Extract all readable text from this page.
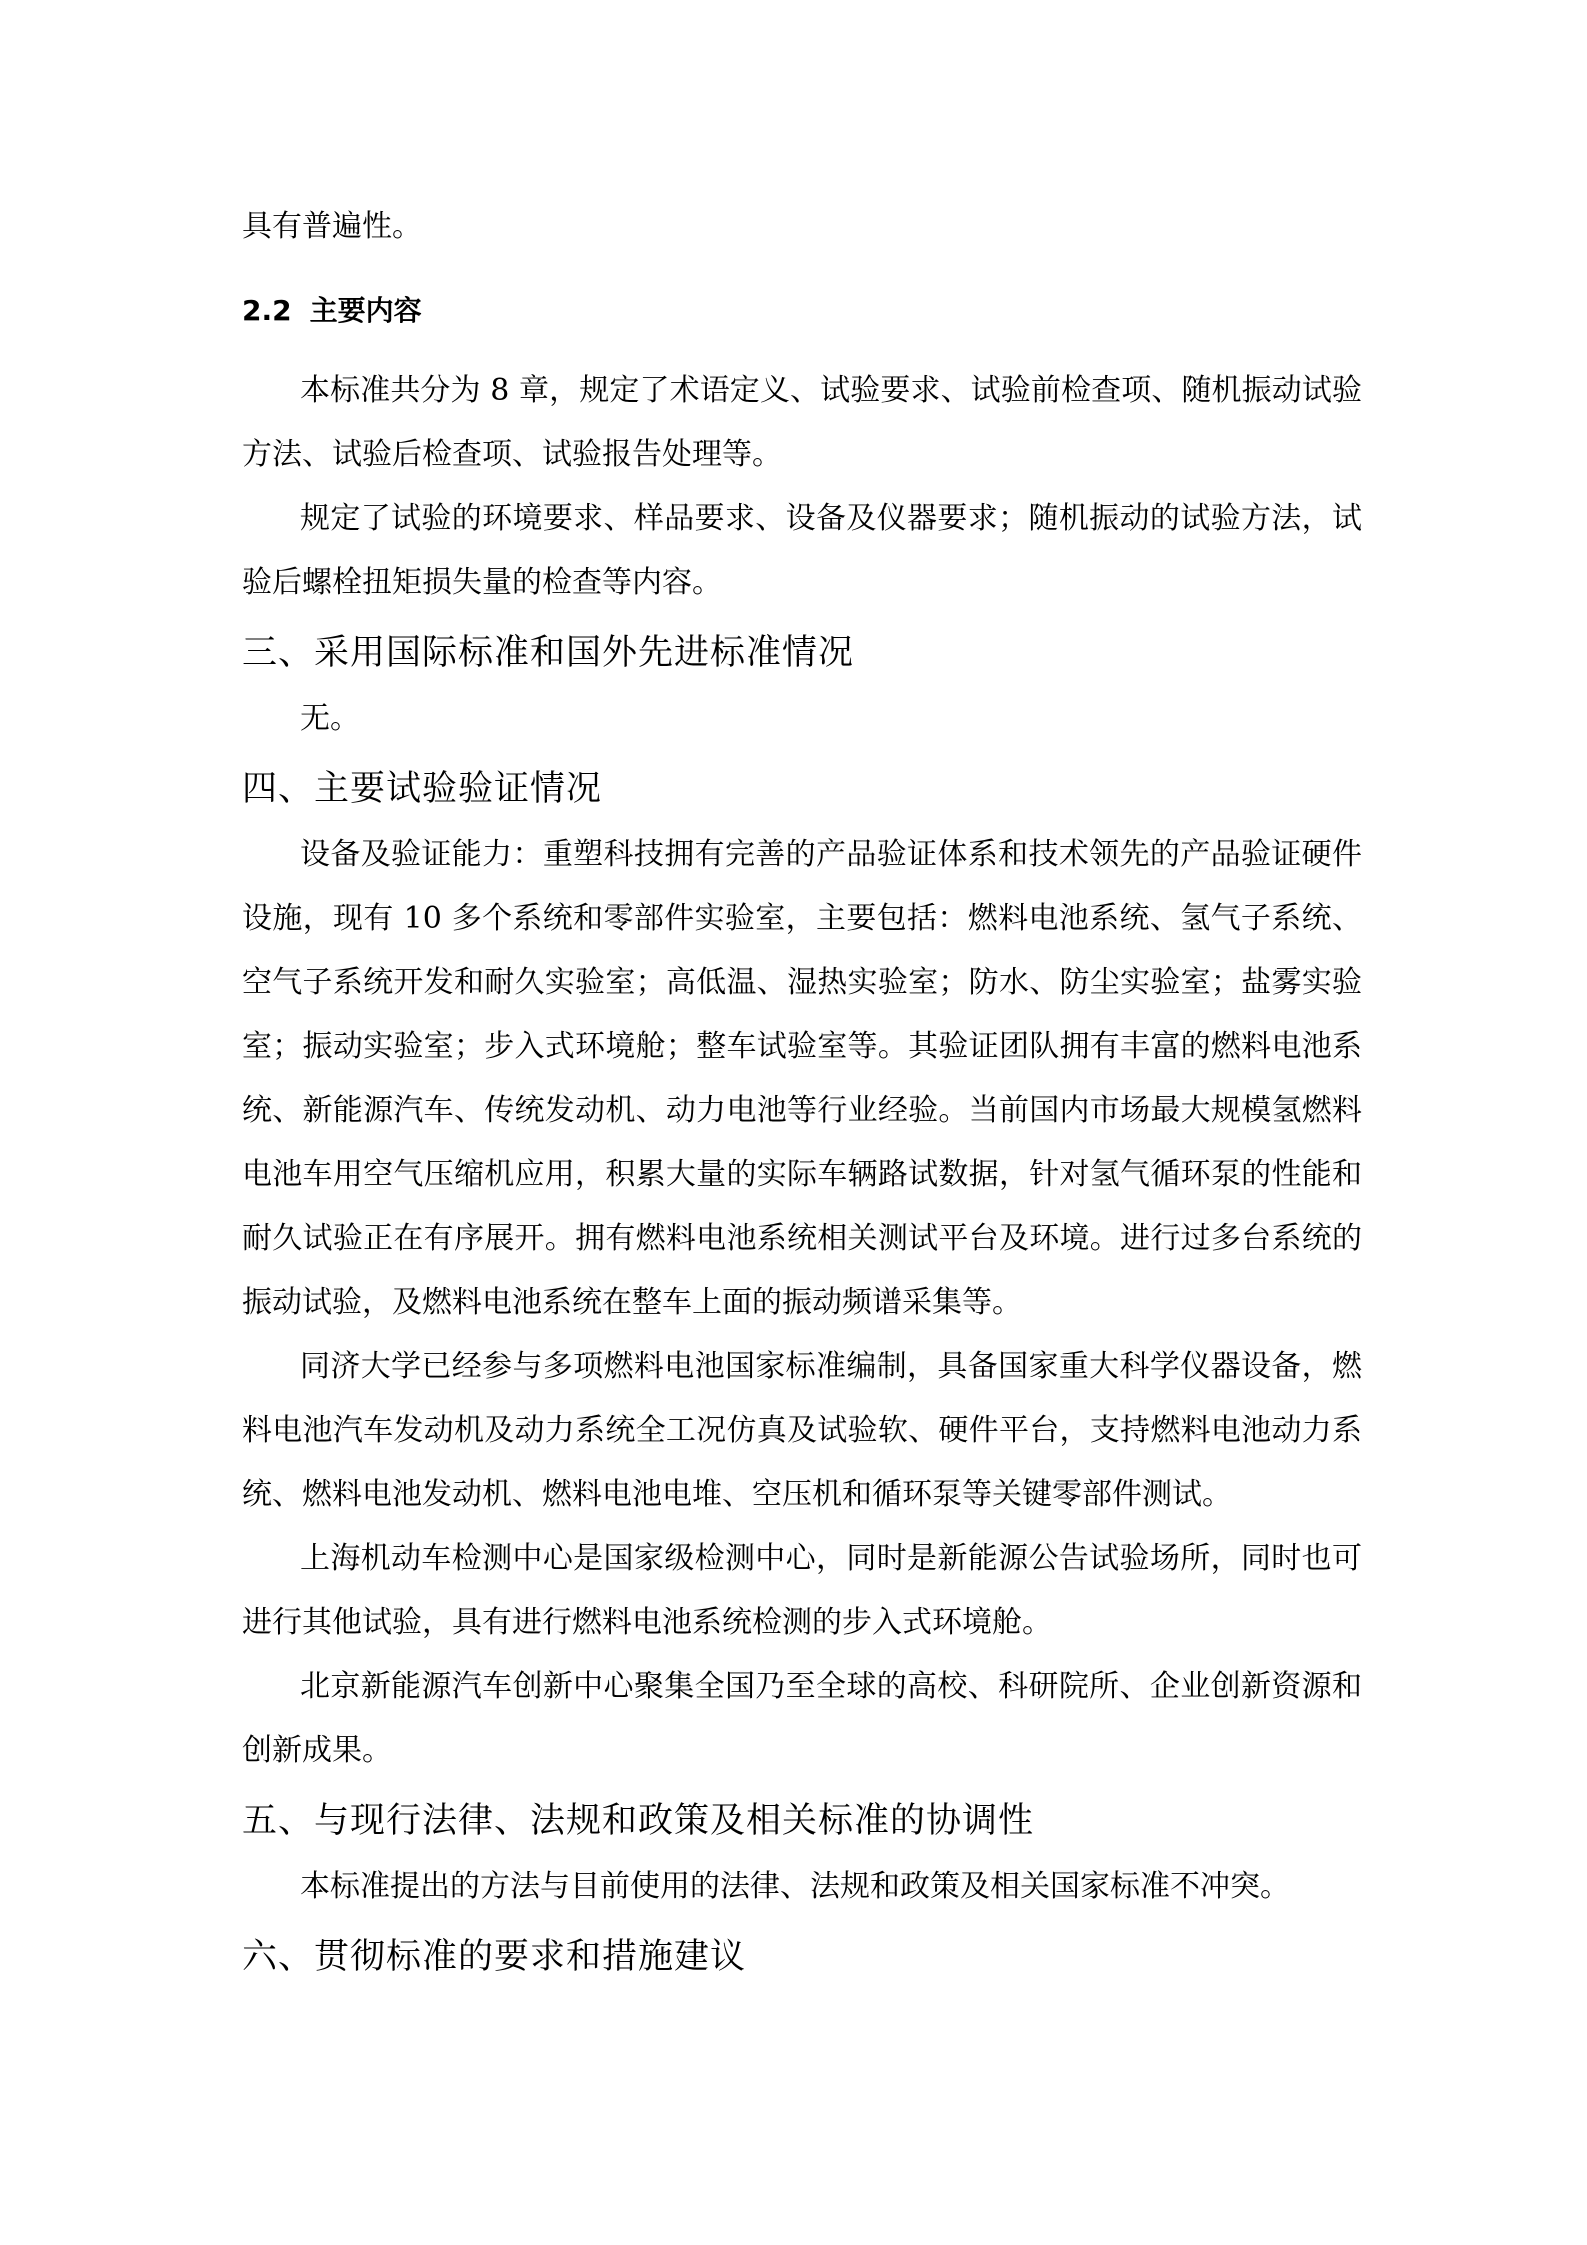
具有普遍性。

2.2 主要内容

本标准共分为 8 章，规定了术语定义、试验要求、试验前检查项、随机振动试验方法、试验后检查项、试验报告处理等。

规定了试验的环境要求、样品要求、设备及仪器要求；随机振动的试验方法，试验后螺栓扭矩损失量的检查等内容。

三、采用国际标准和国外先进标准情况

无。

四、主要试验验证情况

设备及验证能力：重塑科技拥有完善的产品验证体系和技术领先的产品验证硬件设施，现有 10 多个系统和零部件实验室，主要包括：燃料电池系统、氢气子系统、空气子系统开发和耐久实验室；高低温、湿热实验室；防水、防尘实验室；盐雾实验室；振动实验室；步入式环境舱；整车试验室等。其验证团队拥有丰富的燃料电池系统、新能源汽车、传统发动机、动力电池等行业经验。当前国内市场最大规模氢燃料电池车用空气压缩机应用，积累大量的实际车辆路试数据，针对氢气循环泵的性能和耐久试验正在有序展开。拥有燃料电池系统相关测试平台及环境。进行过多台系统的振动试验，及燃料电池系统在整车上面的振动频谱采集等。

同济大学已经参与多项燃料电池国家标准编制，具备国家重大科学仪器设备，燃料电池汽车发动机及动力系统全工况仿真及试验软、硬件平台，支持燃料电池动力系统、燃料电池发动机、燃料电池电堆、空压机和循环泵等关键零部件测试。

上海机动车检测中心是国家级检测中心，同时是新能源公告试验场所，同时也可进行其他试验，具有进行燃料电池系统检测的步入式环境舱。

北京新能源汽车创新中心聚集全国乃至全球的高校、科研院所、企业创新资源和创新成果。

五、与现行法律、法规和政策及相关标准的协调性

本标准提出的方法与目前使用的法律、法规和政策及相关国家标准不冲突。

六、贯彻标准的要求和措施建议
